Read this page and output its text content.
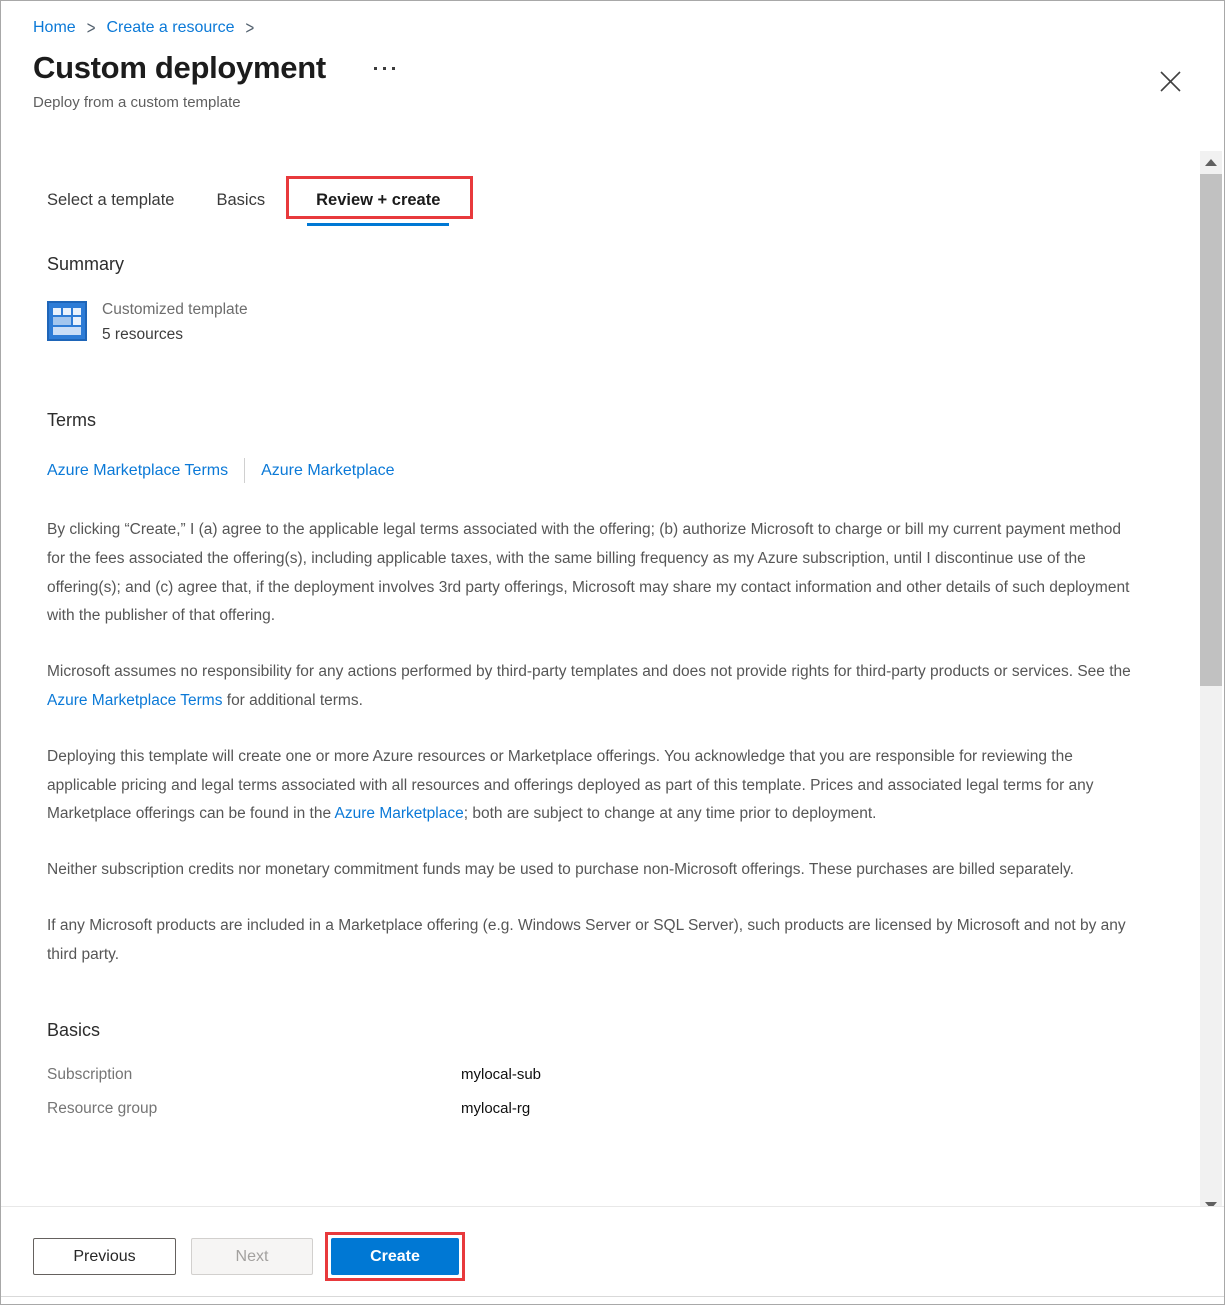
Home > Create a resource >
Custom deployment
Deploy from a custom template
Select a template	Basics	Review + create
Summary
Customized template
5 resources
Terms
Azure Marketplace Terms Azure Marketplace

By clicking “Create,” I (a) agree to the applicable legal terms associated with the offering; (b) authorize Microsoft to charge or bill my current payment method for the fees associated the offering(s), including applicable taxes, with the same billing frequency as my Azure subscription, until I discontinue use of the offering(s); and (c) agree that, if the deployment involves 3rd party offerings, Microsoft may share my contact information and other details of such deployment with the publisher of that offering.

Microsoft assumes no responsibility for any actions performed by third-party templates and does not provide rights for third-party products or services. See the Azure Marketplace Terms for additional terms.

Deploying this template will create one or more Azure resources or Marketplace offerings. You acknowledge that you are responsible for reviewing the applicable pricing and legal terms associated with all resources and offerings deployed as part of this template. Prices and associated legal terms for any Marketplace offerings can be found in the Azure Marketplace; both are subject to change at any time prior to deployment.

Neither subscription credits nor monetary commitment funds may be used to purchase non-Microsoft offerings. These purchases are billed separately.

If any Microsoft products are included in a Marketplace offering (e.g. Windows Server or SQL Server), such products are licensed by Microsoft and not by any third party.

Basics
Subscription	mylocal-sub
Resource group	mylocal-rg
Previous	Next	Create
